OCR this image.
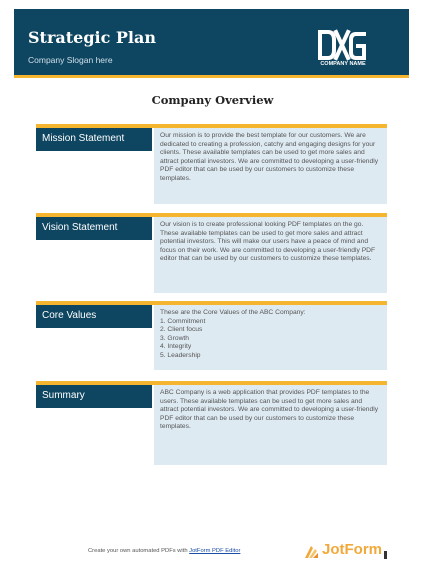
Strategic Plan
Company Slogan here	COMPANY NAME
Company Overview
Mission Statement	Our mission is to provide the best template for our customers. We are dedicated to creating a profession, catchy and engaging designs for your clients. These available templates can be used to get more sales and attract potential investors. We are committed to developing a user-friendly PDF editor that can be used by our customers to customize these templates.

Vision Statement	Our vision is to create professional looking PDF templates on the go. These available templates can be used to get more sales and attract potential investors. This will make our users have a peace of mind and focus on their work. We are committed to developing a user-friendly PDF editor that can be used by our customers to customize these templates.

Core Values	These are the Core Values of the ABC Company:

1. Commitment
2. Client focus
3. Growth
4. Integrity
5. Leadership
Summary	ABC Company is a web application that provides PDF templates to the users. These available templates can be used to get more sales and attract potential investors. We are committed to developing a user-friendly PDF editor that can be used by our customers to customize these templates.

Create your own automated PDFs with JotForm PDF Editor	JotForm
